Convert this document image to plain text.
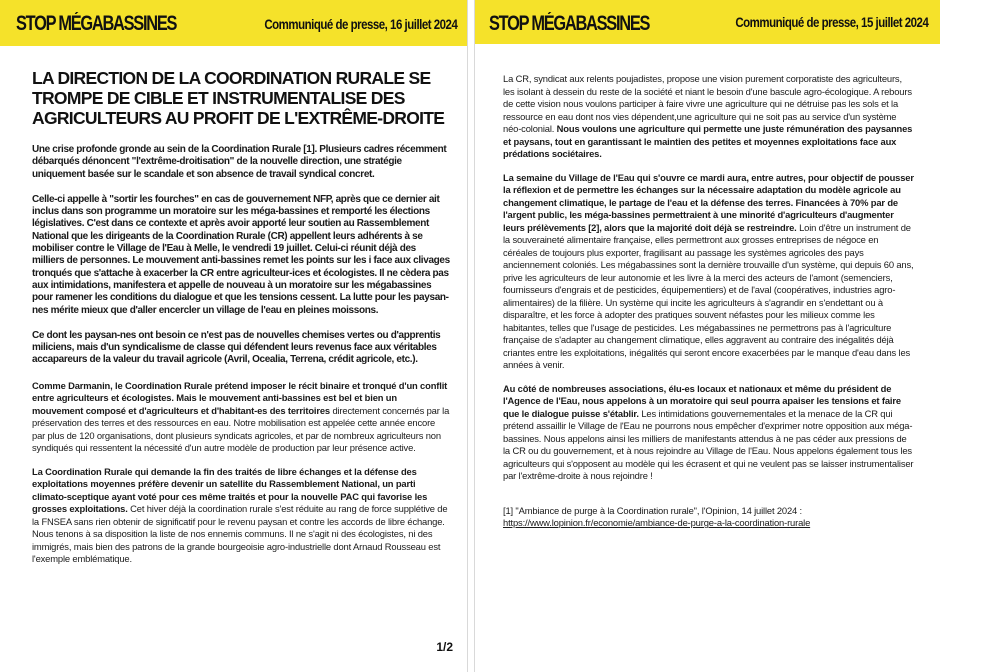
STOP MÉGABASSINES	Communiqué de presse, 16 juillet 2024
LA DIRECTION DE LA COORDINATION RURALE SE TROMPE DE CIBLE ET INSTRUMENTALISE DES AGRICULTEURS AU PROFIT DE L'EXTRÊME-DROITE

Une crise profonde gronde au sein de la Coordination Rurale [1]. Plusieurs cadres récemment débarqués dénoncent "l'extrême-droitisation" de la nouvelle direction, une stratégie uniquement basée sur le scandale et son absence de travail syndical concret.

Celle-ci appelle à "sortir les fourches" en cas de gouvernement NFP, après que ce dernier ait inclus dans son programme un moratoire sur les méga-bassines et remporté les élections législatives. C'est dans ce contexte et après avoir apporté leur soutien au Rassemblement National que les dirigeants de la Coordination Rurale (CR) appellent leurs adhérents à se mobiliser contre le Village de l'Eau à Melle, le vendredi 19 juillet. Celui-ci réunit déjà des milliers de personnes. Le mouvement anti-bassines remet les points sur les i face aux clivages tronqués que s'attache à exacerber la CR entre agriculteur-ices et écologistes. Il ne cèdera pas aux intimidations, manifestera et appelle de nouveau à un moratoire sur les mégabassines pour ramener les conditions du dialogue et que les tensions cessent. La lutte pour les paysan-nes mérite mieux que d'aller encercler un village de l'eau en pleines moissons.

Ce dont les paysan-nes ont besoin ce n'est pas de nouvelles chemises vertes ou d'apprentis miliciens, mais d'un syndicalisme de classe qui défendent leurs revenus face aux véritables accapareurs de la valeur du travail agricole (Avril, Ocealia, Terrena, crédit agricole, etc.).

Comme Darmanin, le Coordination Rurale prétend imposer le récit binaire et tronqué d'un conflit entre agriculteurs et écologistes. Mais le mouvement anti-bassines est bel et bien un mouvement composé et d'agriculteurs et d'habitant-es des territoires directement concernés par la préservation des terres et des ressources en eau. Notre mobilisation est appelée cette année encore par plus de 120 organisations, dont plusieurs syndicats agricoles, et par de nombreux agriculteurs non syndiqués qui ressentent la nécessité d'un autre modèle de production par leur présence active.

La Coordination Rurale qui demande la fin des traités de libre échanges et la défense des exploitations moyennes préfère devenir un satellite du Rassemblement National, un parti climato-sceptique ayant voté pour ces même traités et pour la nouvelle PAC qui favorise les grosses exploitations. Cet hiver déjà la coordination rurale s'est réduite au rang de force supplétive de la FNSEA sans rien obtenir de significatif pour le revenu paysan et contre les accords de libre échange. Nous tenons à sa disposition la liste de nos ennemis communs. Il ne s'agit ni des écologistes, ni des immigrés, mais bien des patrons de la grande bourgeoisie agro-industrielle dont Arnaud Rousseau est l'exemple emblématique.

1/2
STOP MÉGABASSINES	Communiqué de presse, 15 juillet 2024

La CR, syndicat aux relents poujadistes, propose une vision purement corporatiste des agriculteurs, les isolant à dessein du reste de la société et niant le besoin d'une bascule agro-écologique. A rebours de cette vision nous voulons participer à faire vivre une agriculture qui ne détruise pas les sols et la ressource en eau dont nos vies dépendent,une agriculture qui ne soit pas au service d'un système néo-colonial. Nous voulons une agriculture qui permette une juste rémunération des paysannes et paysans, tout en garantissant le maintien des petites et moyennes exploitations face aux prédations sociétaires.

La semaine du Village de l'Eau qui s'ouvre ce mardi aura, entre autres, pour objectif de pousser la réflexion et de permettre les échanges sur la nécessaire adaptation du modèle agricole au changement climatique, le partage de l'eau et la défense des terres. Financées à 70% par de l'argent public, les méga-bassines permettraient à une minorité d'agriculteurs d'augmenter leurs prélèvements [2], alors que la majorité doit déjà se restreindre. Loin d'être un instrument de la souveraineté alimentaire française, elles permettront aux grosses entreprises de négoce en céréales de toujours plus exporter, fragilisant au passage les systèmes agricoles des pays anciennement coloniés. Les mégabassines sont la dernière trouvaille d'un système, qui depuis 60 ans, prive les agriculteurs de leur autonomie et les livre à la merci des acteurs de l'amont (semenciers, fournisseurs d'engrais et de pesticides, équipementiers) et de l'aval (coopératives, industries agro-alimentaires) de la filière. Un système qui incite les agriculteurs à s'agrandir en s'endettant ou à disparaître, et les force à adopter des pratiques souvent néfastes pour les milieux comme les habitantes, telles que l'usage de pesticides. Les mégabassines ne permettrons pas à l'agriculture française de s'adapter au changement climatique, elles aggravent au contraire des inégalités déjà criantes entre les exploitations, inégalités qui seront encore exacerbées par le manque d'eau dans les années à venir.

Au côté de nombreuses associations, élu-es locaux et nationaux et même du président de l'Agence de l'Eau, nous appelons à un moratoire qui seul pourra apaiser les tensions et faire que le dialogue puisse s'établir. Les intimidations gouvernementales et la menace de la CR qui prétend assaillir le Village de l'Eau ne pourrons nous empêcher d'exprimer notre opposition aux méga-bassines. Nous appelons ainsi les milliers de manifestants attendus à ne pas céder aux pressions de la CR ou du gouvernement, et à nous rejoindre au Village de l'Eau. Nous appelons également tous les agriculteurs qui s'opposent au modèle qui les écrasent et qui ne veulent pas se laisser instrumentaliser par l'extrême-droite à nous rejoindre !

[1] "Ambiance de purge à la Coordination rurale", l'Opinion, 14 juillet 2024 :
https://www.lopinion.fr/economie/ambiance-de-purge-a-la-coordination-rurale
